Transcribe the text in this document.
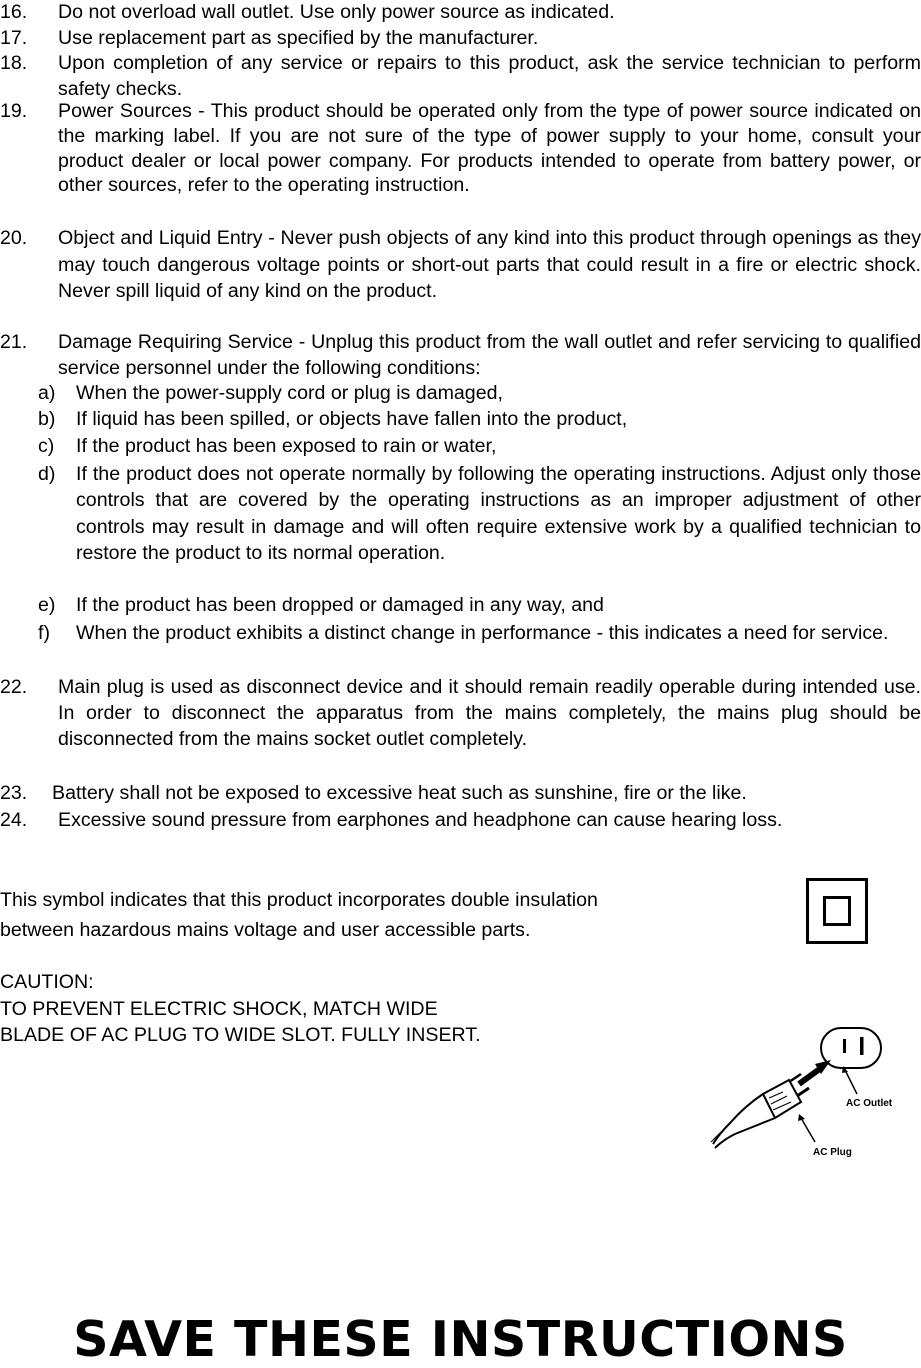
16. Do not overload wall outlet. Use only power source as indicated.
17. Use replacement part as specified by the manufacturer.
18. Upon completion of any service or repairs to this product, ask the service technician to perform safety checks.
19. Power Sources - This product should be operated only from the type of power source indicated on the marking label. If you are not sure of the type of power supply to your home, consult your product dealer or local power company. For products intended to operate from battery power, or other sources, refer to the operating instruction.
20. Object and Liquid Entry - Never push objects of any kind into this product through openings as they may touch dangerous voltage points or short-out parts that could result in a fire or electric shock. Never spill liquid of any kind on the product.
21. Damage Requiring Service - Unplug this product from the wall outlet and refer servicing to qualified service personnel under the following conditions:
a) When the power-supply cord or plug is damaged,
b) If liquid has been spilled, or objects have fallen into the product,
c) If the product has been exposed to rain or water,
d) If the product does not operate normally by following the operating instructions. Adjust only those controls that are covered by the operating instructions as an improper adjustment of other controls may result in damage and will often require extensive work by a qualified technician to restore the product to its normal operation.
e) If the product has been dropped or damaged in any way, and
f) When the product exhibits a distinct change in performance - this indicates a need for service.
22. Main plug is used as disconnect device and it should remain readily operable during intended use. In order to disconnect the apparatus from the mains completely, the mains plug should be disconnected from the mains socket outlet completely.
23. Battery shall not be exposed to excessive heat such as sunshine, fire or the like.
24. Excessive sound pressure from earphones and headphone can cause hearing loss.
This symbol indicates that this product incorporates double insulation
between hazardous mains voltage and user accessible parts.
CAUTION:
TO PREVENT ELECTRIC SHOCK, MATCH WIDE
BLADE OF AC PLUG TO WIDE SLOT. FULLY INSERT.
AC Outlet
AC Plug
SAVE THESE INSTRUCTIONS
